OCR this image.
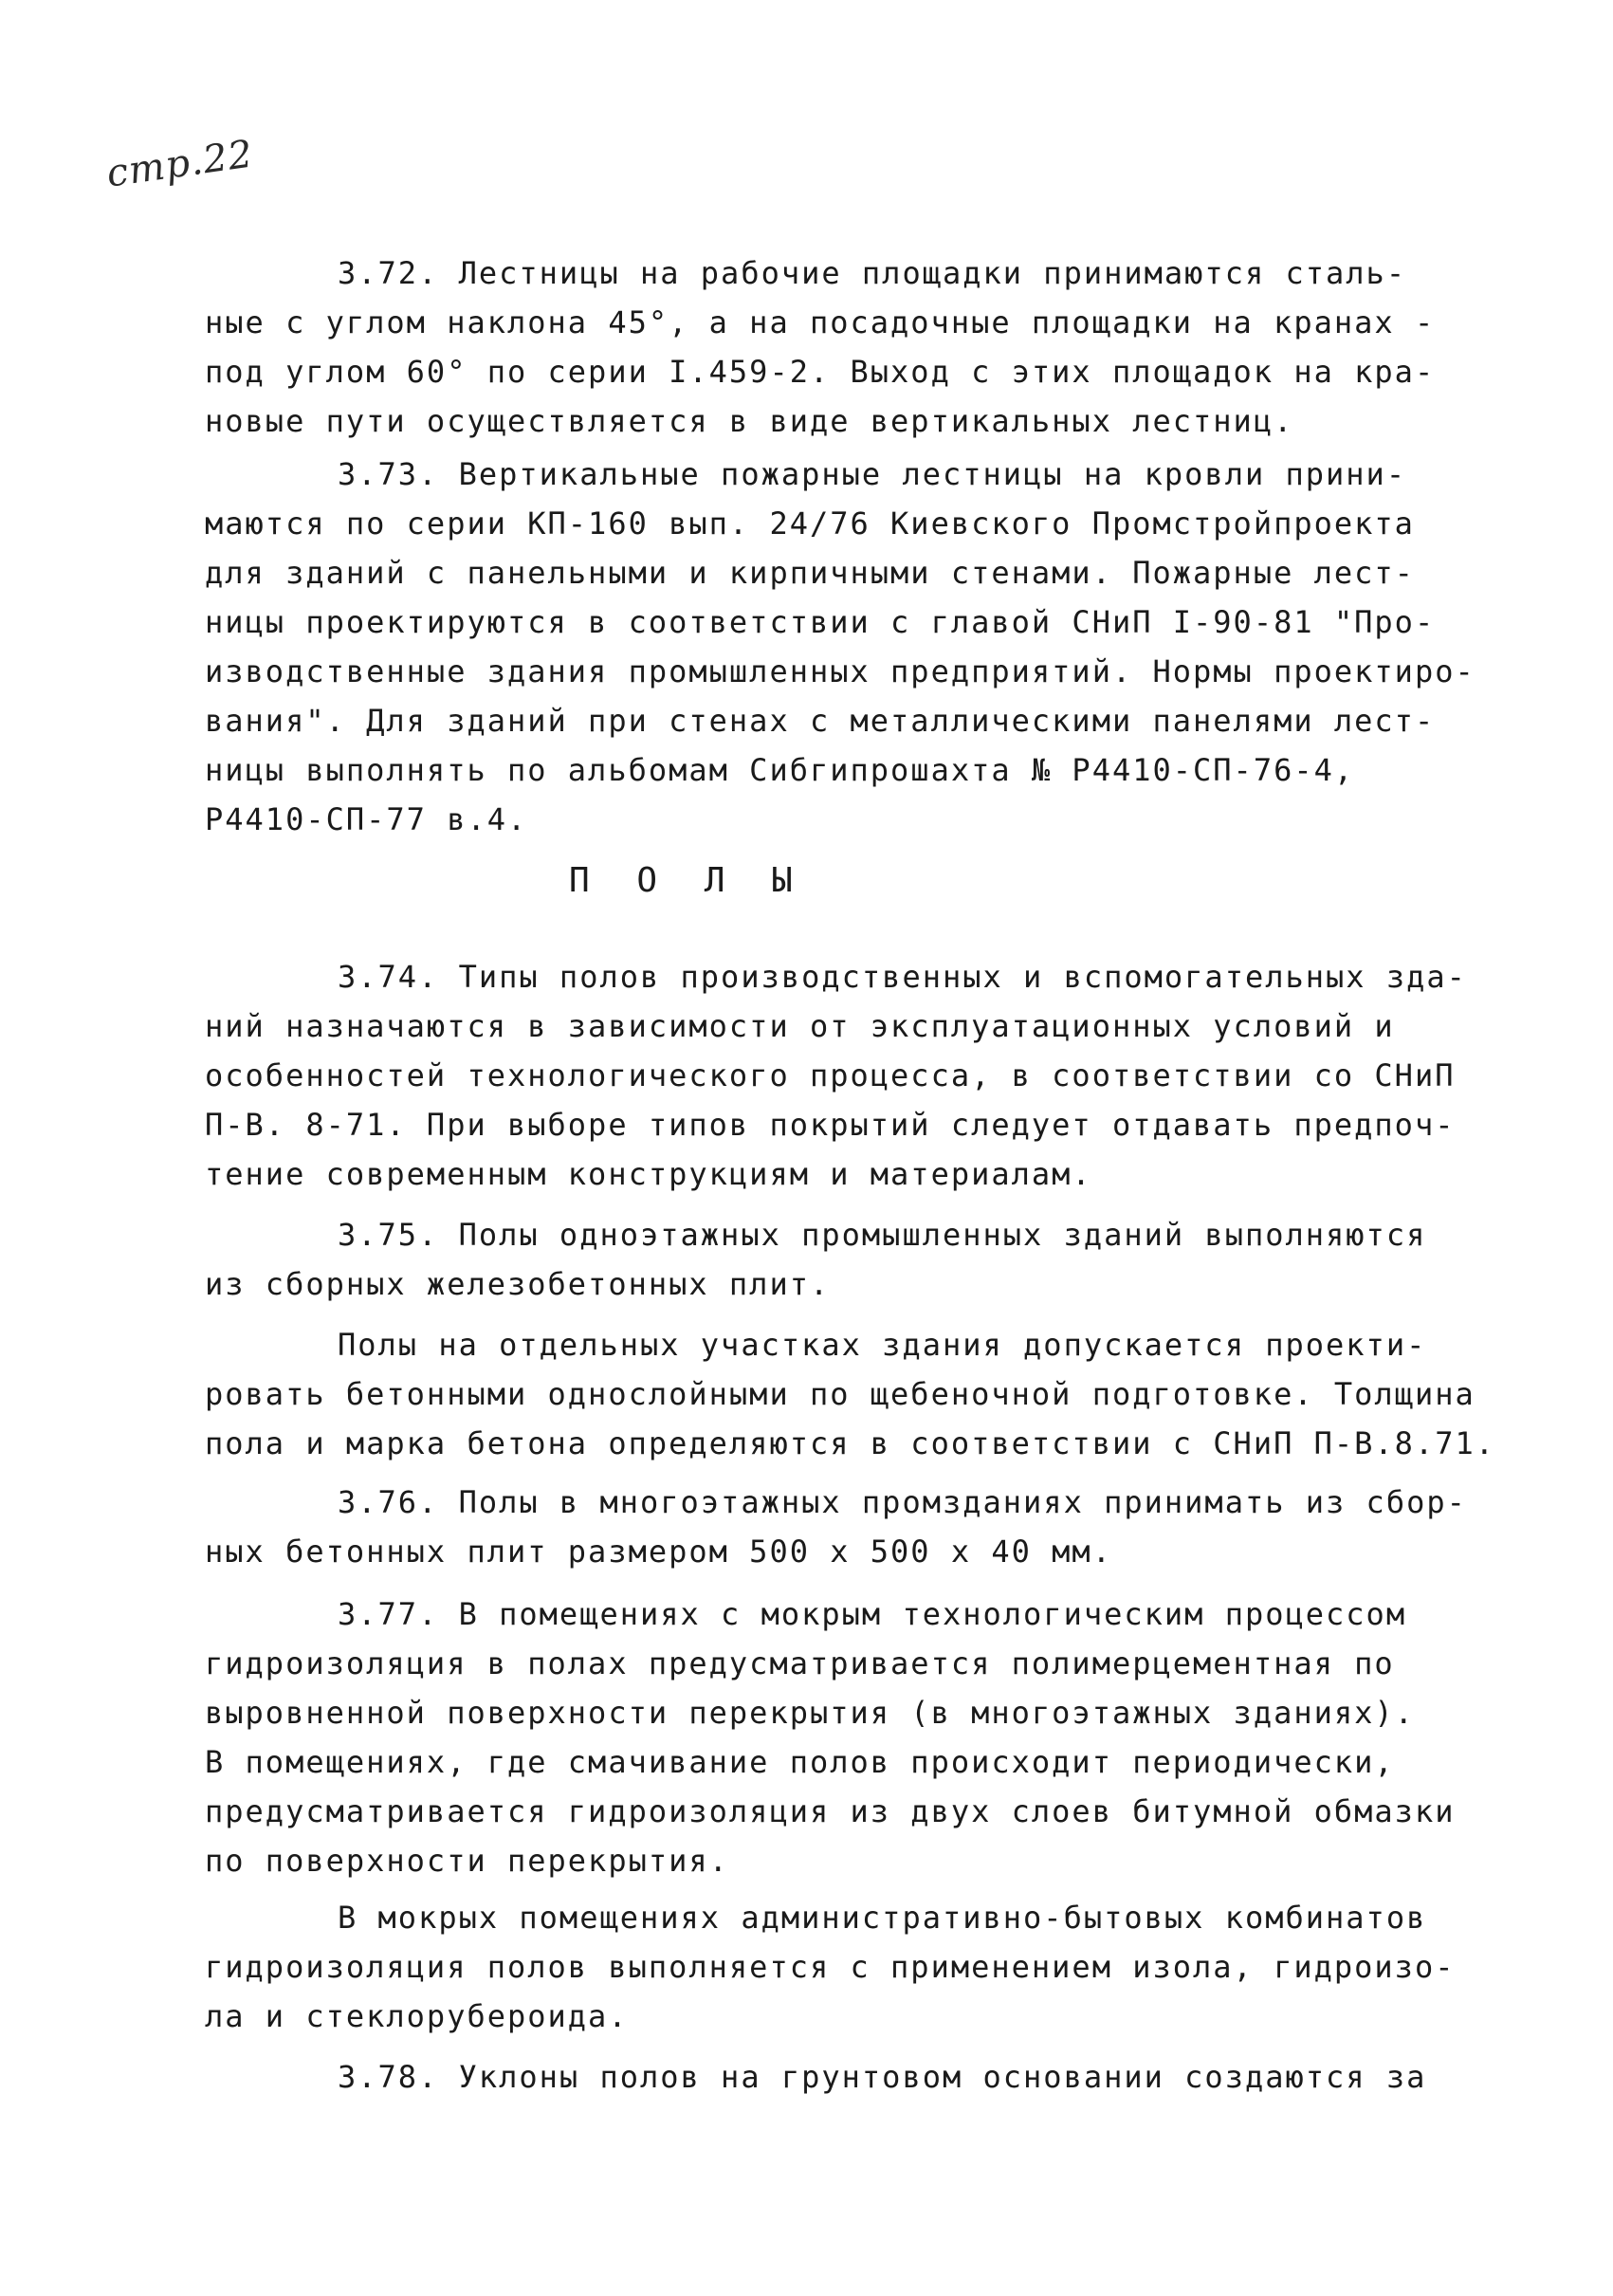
стр.22
3.72. Лестницы на рабочие площадки принимаются сталь-
ные с углом наклона 45°, а на посадочные площадки на кранах -
под углом 60° по серии I.459-2. Выход с этих площадок на кра-
новые пути осуществляется в виде вертикальных лестниц.
3.73. Вертикальные пожарные лестницы на кровли прини-
маются по серии КП-160 вып. 24/76 Киевского Промстройпроекта
для зданий с панельными и кирпичными стенами. Пожарные лест-
ницы проектируются в соответствии с главой СНиП I-90-81 "Про-
изводственные здания промышленных предприятий. Нормы проектиро-
вания". Для зданий при стенах с металлическими панелями лест-
ницы выполнять по альбомам Сибгипрошахта № Р4410-СП-76-4,
Р4410-СП-77 в.4.
П О Л Ы
3.74. Типы полов производственных и вспомогательных зда-
ний назначаются в зависимости от эксплуатационных условий и
особенностей технологического процесса, в соответствии со СНиП
П-В. 8-71. При выборе типов покрытий следует отдавать предпоч-
тение современным конструкциям и материалам.
3.75. Полы одноэтажных промышленных зданий выполняются
из сборных железобетонных плит.
Полы на отдельных участках здания допускается проекти-
ровать бетонными однослойными по щебеночной подготовке. Толщина
пола и марка бетона определяются в соответствии с СНиП П-В.8.71.
3.76. Полы в многоэтажных промзданиях принимать из сбор-
ных бетонных плит размером 500 х 500 х 40 мм.
3.77. В помещениях с мокрым технологическим процессом
гидроизоляция в полах предусматривается полимерцементная по
выровненной поверхности перекрытия (в многоэтажных зданиях).
В помещениях, где смачивание полов происходит периодически,
предусматривается гидроизоляция из двух слоев битумной обмазки
по поверхности перекрытия.
В мокрых помещениях административно-бытовых комбинатов
гидроизоляция полов выполняется с применением изола, гидроизо-
ла и стеклорубероида.
3.78. Уклоны полов на грунтовом основании создаются за
